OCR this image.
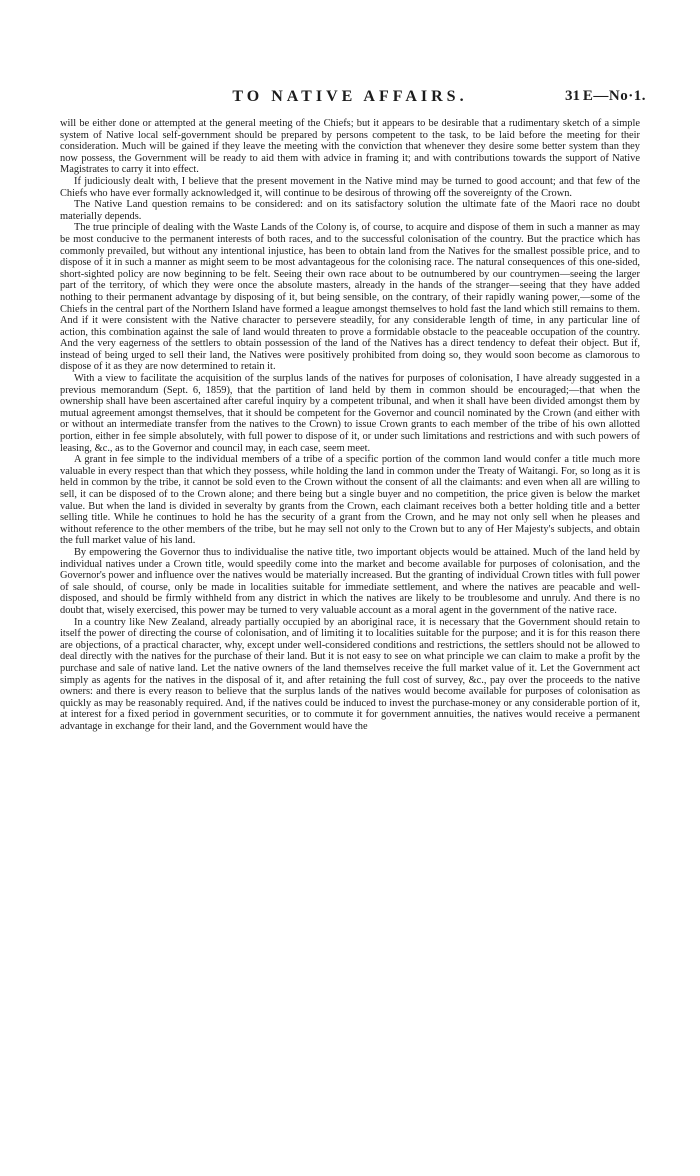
TO NATIVE AFFAIRS.	31 E—No·1.

will be either done or attempted at the general meeting of the Chiefs; but it appears to be desirable that a rudimentary sketch of a simple system of Native local self-government should be prepared by persons competent to the task, to be laid before the meeting for their consideration. Much will be gained if they leave the meeting with the conviction that whenever they desire some better system than they now possess, the Government will be ready to aid them with advice in framing it; and with contributions towards the support of Native Magistrates to carry it into effect.

If judiciously dealt with, I believe that the present movement in the Native mind may be turned to good account; and that few of the Chiefs who have ever formally acknowledged it, will continue to be desirous of throwing off the sovereignty of the Crown.

The Native Land question remains to be considered: and on its satisfactory solution the ultimate fate of the Maori race no doubt materially depends.

The true principle of dealing with the Waste Lands of the Colony is, of course, to acquire and dispose of them in such a manner as may be most conducive to the permanent interests of both races, and to the successful colonisation of the country. But the practice which has commonly prevailed, but without any intentional injustice, has been to obtain land from the Natives for the smallest possible price, and to dispose of it in such a manner as might seem to be most advantageous for the colonising race. The natural consequences of this one-sided, short-sighted policy are now beginning to be felt. Seeing their own race about to be outnumbered by our countrymen—seeing the larger part of the territory, of which they were once the absolute masters, already in the hands of the stranger—seeing that they have added nothing to their permanent advantage by disposing of it, but being sensible, on the contrary, of their rapidly waning power,—some of the Chiefs in the central part of the Northern Island have formed a league amongst themselves to hold fast the land which still remains to them. And if it were consistent with the Native character to persevere steadily, for any considerable length of time, in any particular line of action, this combination against the sale of land would threaten to prove a formidable obstacle to the peaceable occupation of the country. And the very eagerness of the settlers to obtain possession of the land of the Natives has a direct tendency to defeat their object. But if, instead of being urged to sell their land, the Natives were positively prohibited from doing so, they would soon become as clamorous to dispose of it as they are now determined to retain it.

With a view to facilitate the acquisition of the surplus lands of the natives for purposes of colonisation, I have already suggested in a previous memorandum (Sept. 6, 1859), that the partition of land held by them in common should be encouraged;—that when the ownership shall have been ascertained after careful inquiry by a competent tribunal, and when it shall have been divided amongst them by mutual agreement amongst themselves, that it should be competent for the Governor and council nominated by the Crown (and either with or without an intermediate transfer from the natives to the Crown) to issue Crown grants to each member of the tribe of his own allotted portion, either in fee simple absolutely, with full power to dispose of it, or under such limitations and restrictions and with such powers of leasing, &c., as to the Governor and council may, in each case, seem meet.

A grant in fee simple to the individual members of a tribe of a specific portion of the common land would confer a title much more valuable in every respect than that which they possess, while holding the land in common under the Treaty of Waitangi. For, so long as it is held in common by the tribe, it cannot be sold even to the Crown without the consent of all the claimants: and even when all are willing to sell, it can be disposed of to the Crown alone; and there being but a single buyer and no competition, the price given is below the market value. But when the land is divided in severalty by grants from the Crown, each claimant receives both a better holding title and a better selling title. While he continues to hold he has the security of a grant from the Crown, and he may not only sell when he pleases and without reference to the other members of the tribe, but he may sell not only to the Crown but to any of Her Majesty's subjects, and obtain the full market value of his land.

By empowering the Governor thus to individualise the native title, two important objects would be attained. Much of the land held by individual natives under a Crown title, would speedily come into the market and become available for purposes of colonisation, and the Governor's power and influence over the natives would be materially increased. But the granting of individual Crown titles with full power of sale should, of course, only be made in localities suitable for immediate settlement, and where the natives are peacable and well-disposed, and should be firmly withheld from any district in which the natives are likely to be troublesome and unruly. And there is no doubt that, wisely exercised, this power may be turned to very valuable account as a moral agent in the government of the native race.

In a country like New Zealand, already partially occupied by an aboriginal race, it is necessary that the Government should retain to itself the power of directing the course of colonisation, and of limiting it to localities suitable for the purpose; and it is for this reason there are objections, of a practical character, why, except under well-considered conditions and restrictions, the settlers should not be allowed to deal directly with the natives for the purchase of their land. But it is not easy to see on what principle we can claim to make a profit by the purchase and sale of native land. Let the native owners of the land themselves receive the full market value of it. Let the Government act simply as agents for the natives in the disposal of it, and after retaining the full cost of survey, &c., pay over the proceeds to the native owners: and there is every reason to believe that the surplus lands of the natives would become available for purposes of colonisation as quickly as may be reasonably required. And, if the natives could be induced to invest the purchase-money or any considerable portion of it, at interest for a fixed period in government securities, or to commute it for government annuities, the natives would receive a permanent advantage in exchange for their land, and the Government would have the
